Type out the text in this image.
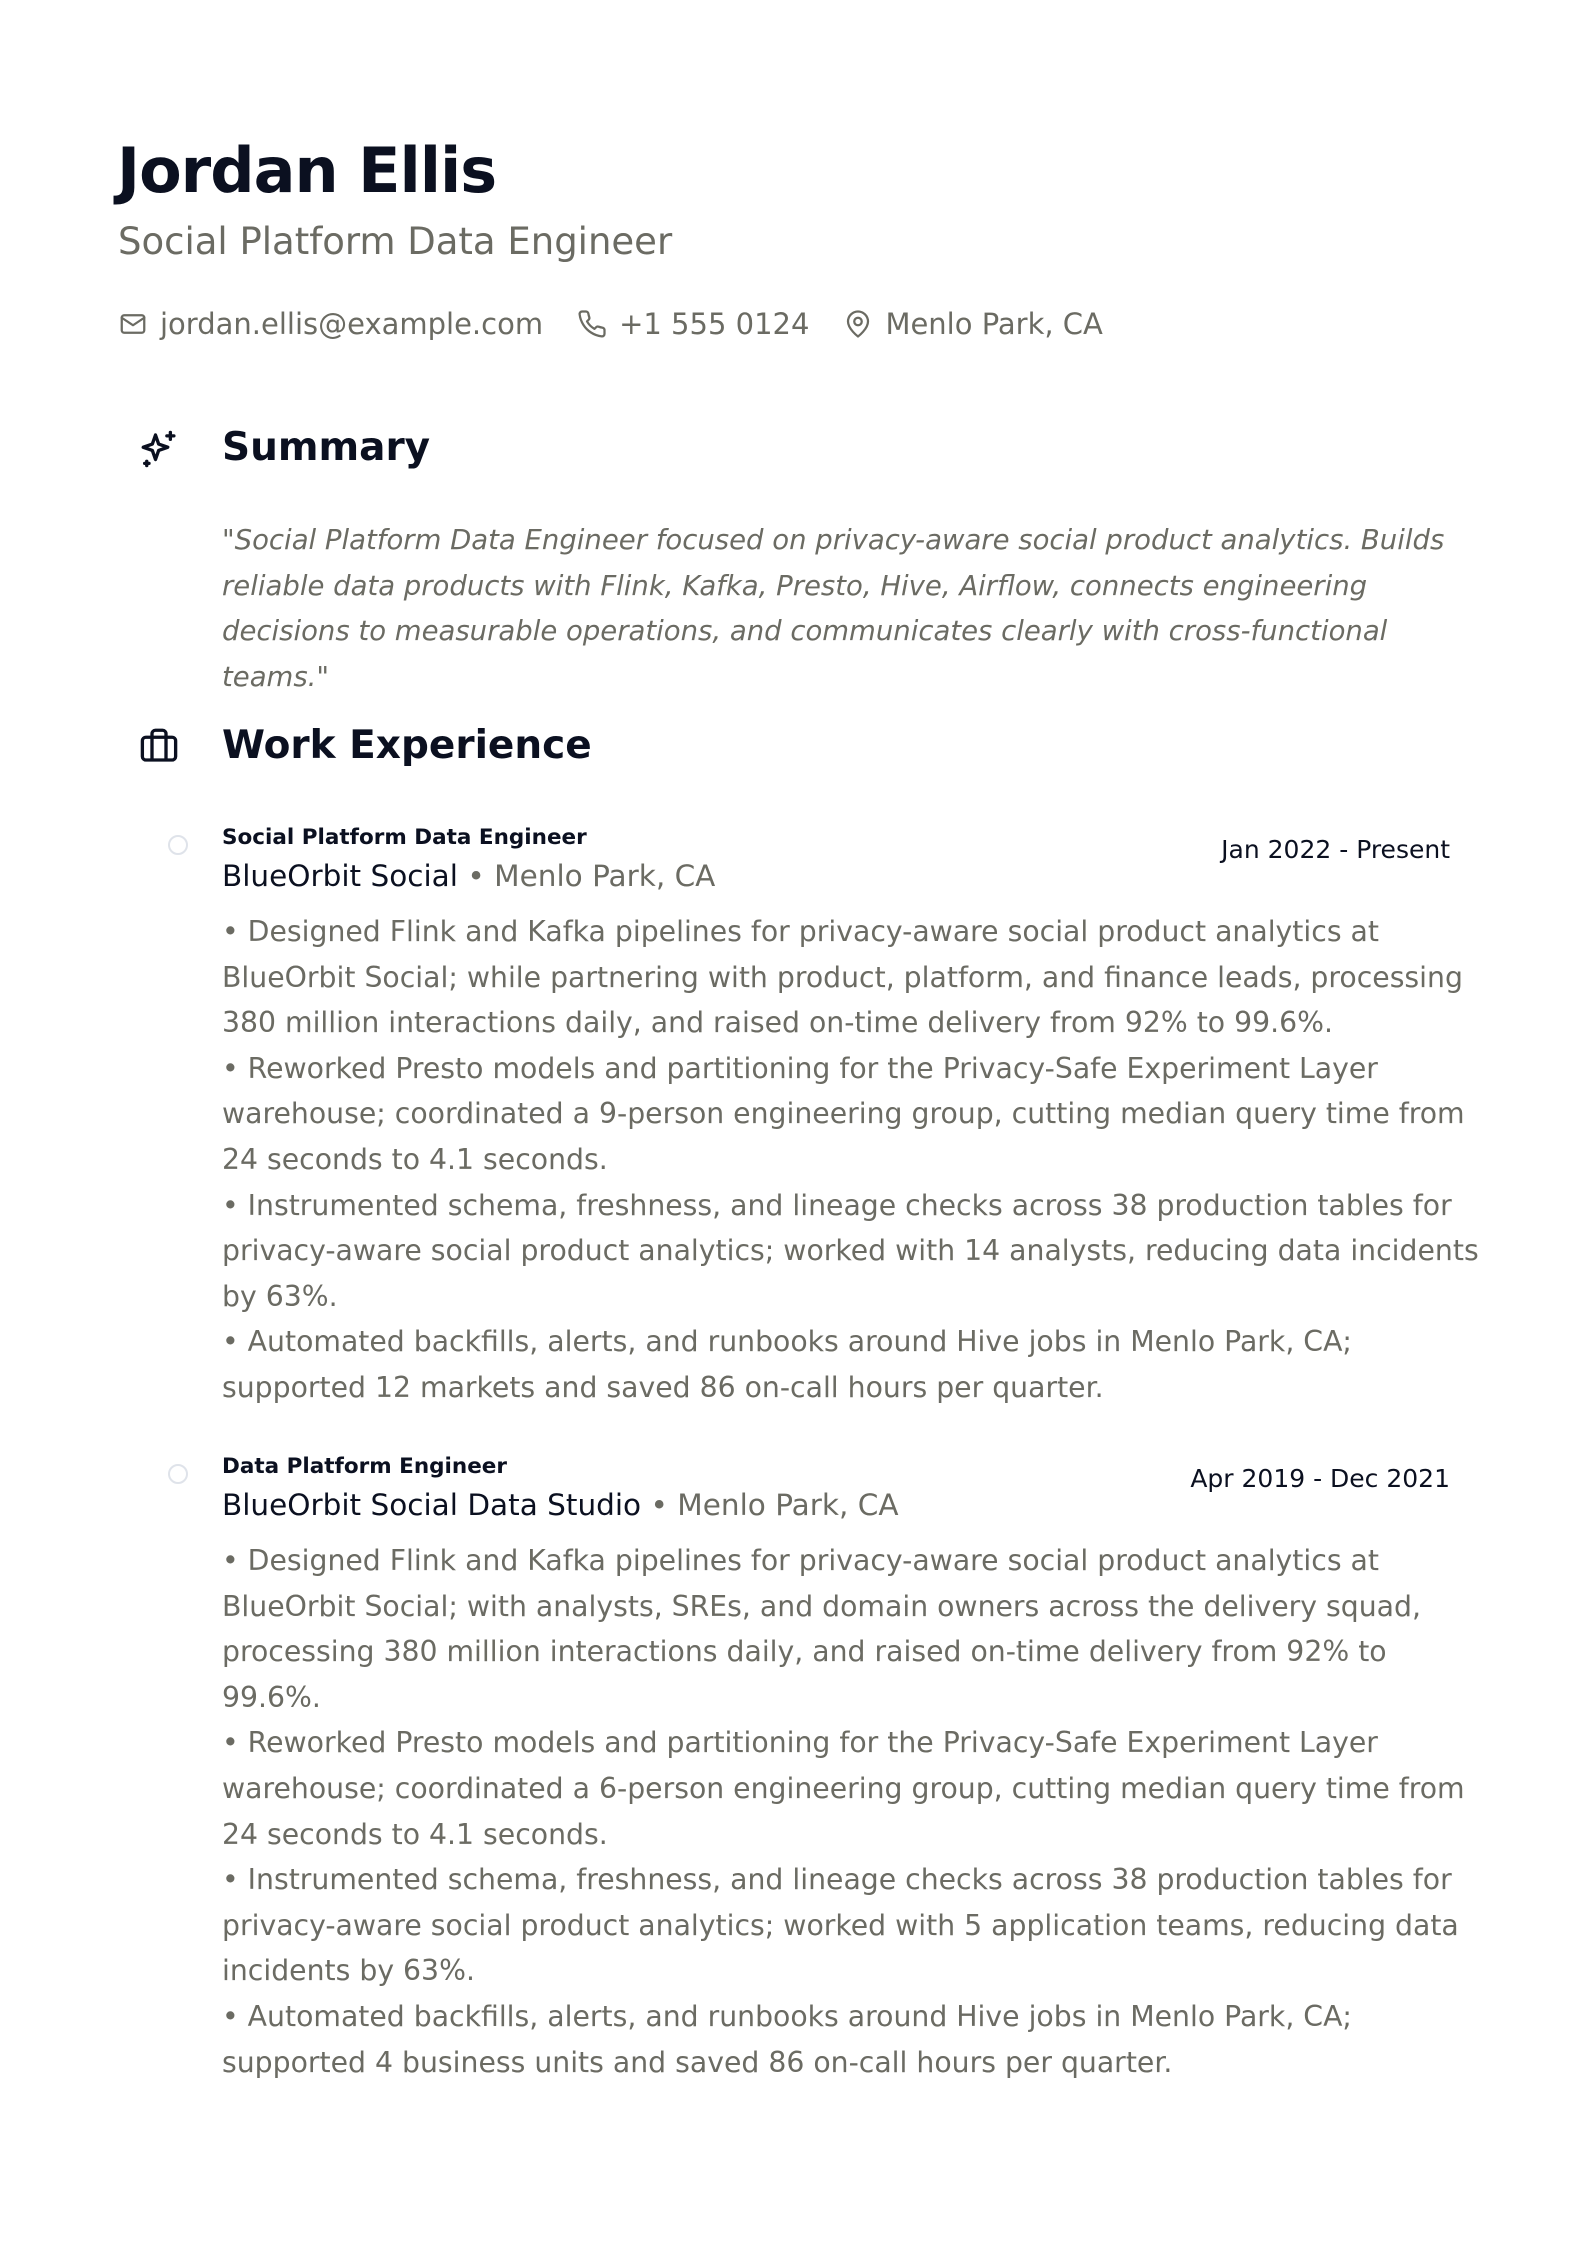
Jordan Ellis
Social Platform Data Engineer
jordan.ellis@example.com	+1 555 0124	Menlo Park, CA
Summary

"Social Platform Data Engineer focused on privacy-aware social product analytics. Builds reliable data products with Flink, Kafka, Presto, Hive, Airflow, connects engineering decisions to measurable operations, and communicates clearly with cross-functional teams."

Work Experience
Social Platform Data Engineer	Jan 2022 - Present
BlueOrbit Social • Menlo Park, CA
• Designed Flink and Kafka pipelines for privacy-aware social product analytics at BlueOrbit Social; while partnering with product, platform, and finance leads, processing 380 million interactions daily, and raised on-time delivery from 92% to 99.6%.
• Reworked Presto models and partitioning for the Privacy-Safe Experiment Layer warehouse; coordinated a 9-person engineering group, cutting median query time from 24 seconds to 4.1 seconds.
• Instrumented schema, freshness, and lineage checks across 38 production tables for privacy-aware social product analytics; worked with 14 analysts, reducing data incidents by 63%.
• Automated backfills, alerts, and runbooks around Hive jobs in Menlo Park, CA; supported 12 markets and saved 86 on-call hours per quarter.
Data Platform Engineer	Apr 2019 - Dec 2021
BlueOrbit Social Data Studio • Menlo Park, CA
• Designed Flink and Kafka pipelines for privacy-aware social product analytics at BlueOrbit Social; with analysts, SREs, and domain owners across the delivery squad, processing 380 million interactions daily, and raised on-time delivery from 92% to 99.6%.
• Reworked Presto models and partitioning for the Privacy-Safe Experiment Layer warehouse; coordinated a 6-person engineering group, cutting median query time from 24 seconds to 4.1 seconds.
• Instrumented schema, freshness, and lineage checks across 38 production tables for privacy-aware social product analytics; worked with 5 application teams, reducing data incidents by 63%.
• Automated backfills, alerts, and runbooks around Hive jobs in Menlo Park, CA; supported 4 business units and saved 86 on-call hours per quarter.
